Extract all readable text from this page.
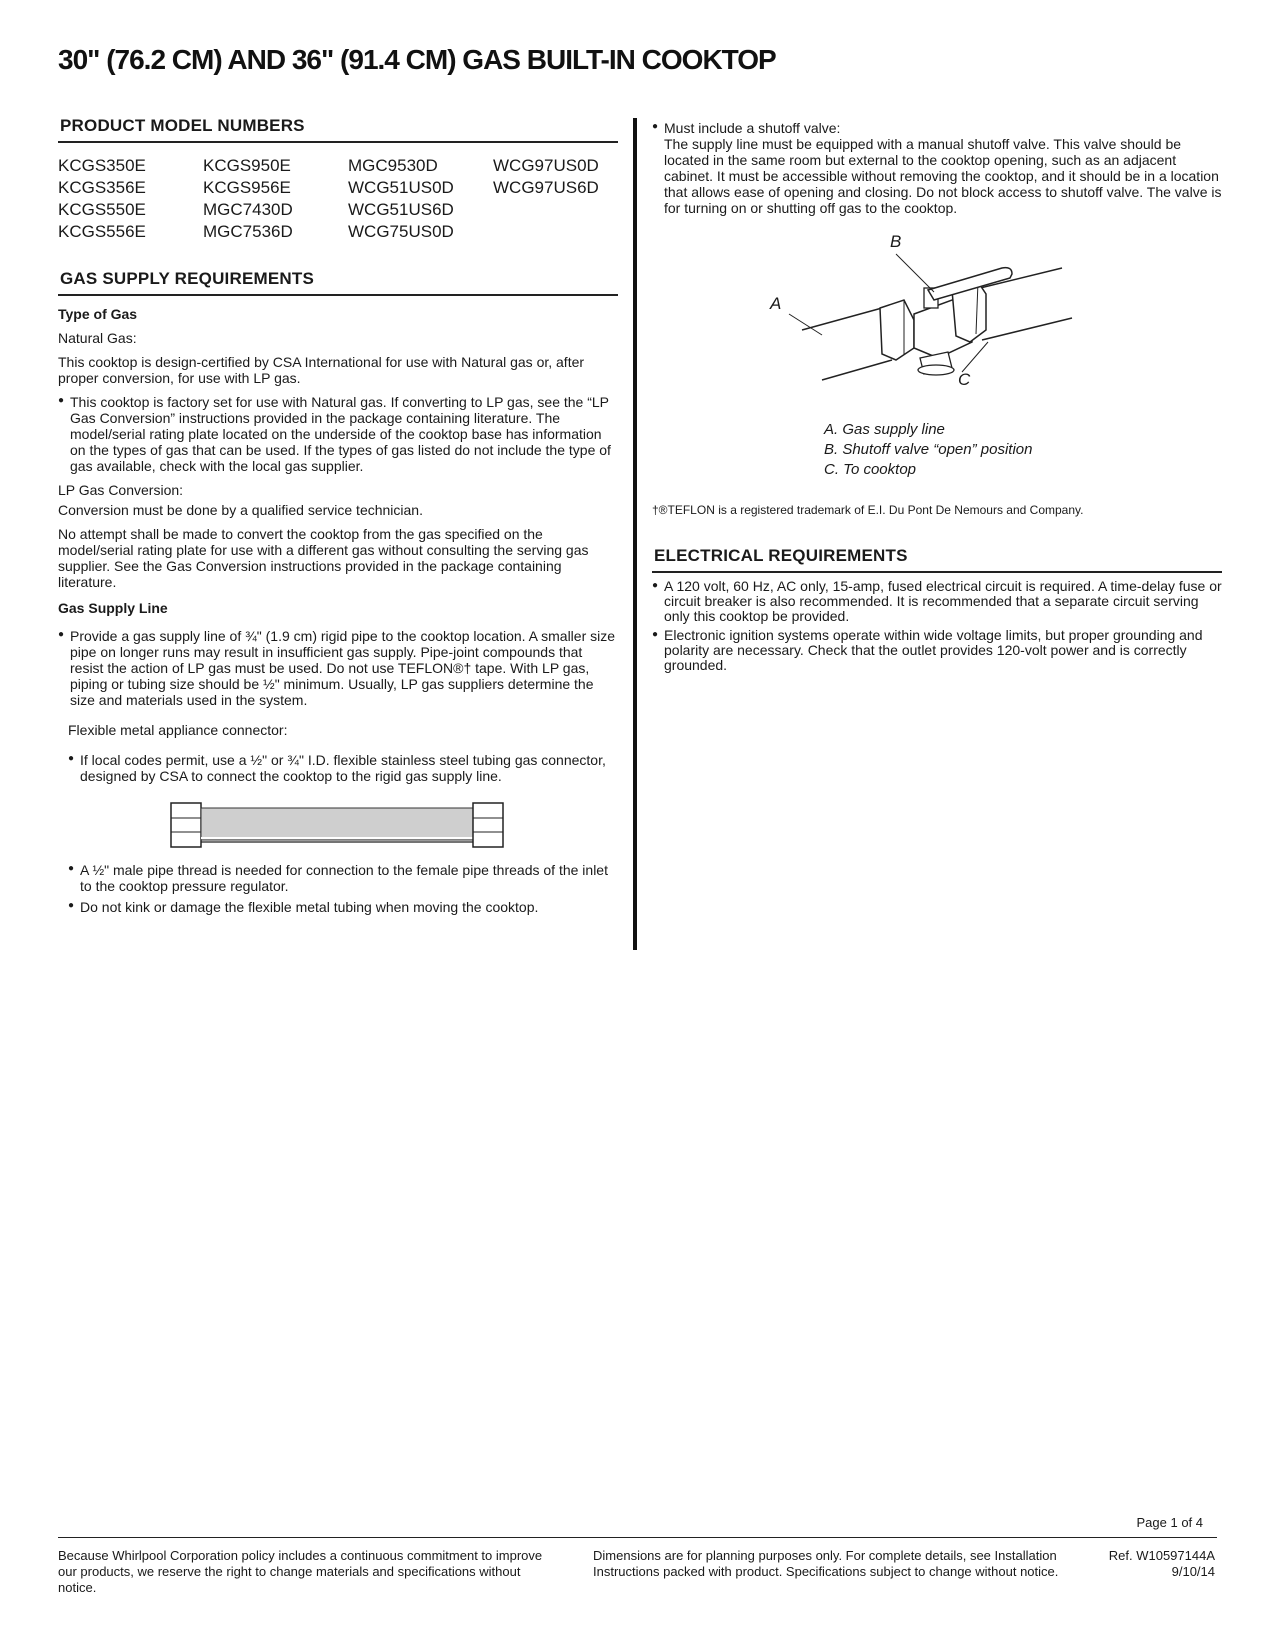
30" (76.2 CM) AND 36" (91.4 CM) GAS BUILT-IN COOKTOP
PRODUCT MODEL NUMBERS
KCGS350E
KCGS356E
KCGS550E
KCGS556E
KCGS950E
KCGS956E
MGC7430D
MGC7536D
MGC9530D
WCG51US0D
WCG51US6D
WCG75US0D
WCG97US0D
WCG97US6D
GAS SUPPLY REQUIREMENTS
Type of Gas

Natural Gas:

This cooktop is design-certified by CSA International for use with Natural gas or, after proper conversion, for use with LP gas.

● This cooktop is factory set for use with Natural gas. If converting to LP gas, see the “LP Gas Conversion” instructions provided in the package containing literature. The model/serial rating plate located on the underside of the cooktop base has information on the types of gas that can be used. If the types of gas listed do not include the type of gas available, check with the local gas supplier.

LP Gas Conversion:

Conversion must be done by a qualified service technician.

No attempt shall be made to convert the cooktop from the gas specified on the model/serial rating plate for use with a different gas without consulting the serving gas supplier. See the Gas Conversion instructions provided in the package containing literature.

Gas Supply Line
● Provide a gas supply line of ¾" (1.9 cm) rigid pipe to the cooktop location. A smaller size pipe on longer runs may result in insufficient gas supply. Pipe-joint compounds that resist the action of LP gas must be used. Do not use TEFLON®† tape. With LP gas, piping or tubing size should be ½" minimum. Usually, LP gas suppliers determine the size and materials used in the system.

Flexible metal appliance connector:

● If local codes permit, use a ½" or ¾" I.D. flexible stainless steel tubing gas connector, designed by CSA to connect the cooktop to the rigid gas supply line.
● A ½" male pipe thread is needed for connection to the female pipe threads of the inlet to the cooktop pressure regulator.
● Do not kink or damage the flexible metal tubing when moving the cooktop.
● Must include a shutoff valve:
The supply line must be equipped with a manual shutoff valve. This valve should be located in the same room but external to the cooktop opening, such as an adjacent cabinet. It must be accessible without removing the cooktop, and it should be in a location that allows ease of opening and closing. Do not block access to shutoff valve. The valve is for turning on or shutting off gas to the cooktop.
A
B
C
A. Gas supply line
B. Shutoff valve “open” position
C. To cooktop
†®TEFLON is a registered trademark of E.I. Du Pont De Nemours and Company.
ELECTRICAL REQUIREMENTS
● A 120 volt, 60 Hz, AC only, 15-amp, fused electrical circuit is required. A time-delay fuse or circuit breaker is also recommended. It is recommended that a separate circuit serving only this cooktop be provided.
● Electronic ignition systems operate within wide voltage limits, but proper grounding and polarity are necessary. Check that the outlet provides 120-volt power and is correctly grounded.
Page 1 of 4
Because Whirlpool Corporation policy includes a continuous commitment to improve our products, we reserve the right to change materials and specifications without notice.
Dimensions are for planning purposes only. For complete details, see Installation Instructions packed with product. Specifications subject to change without notice.
Ref. W10597144A
9/10/14
